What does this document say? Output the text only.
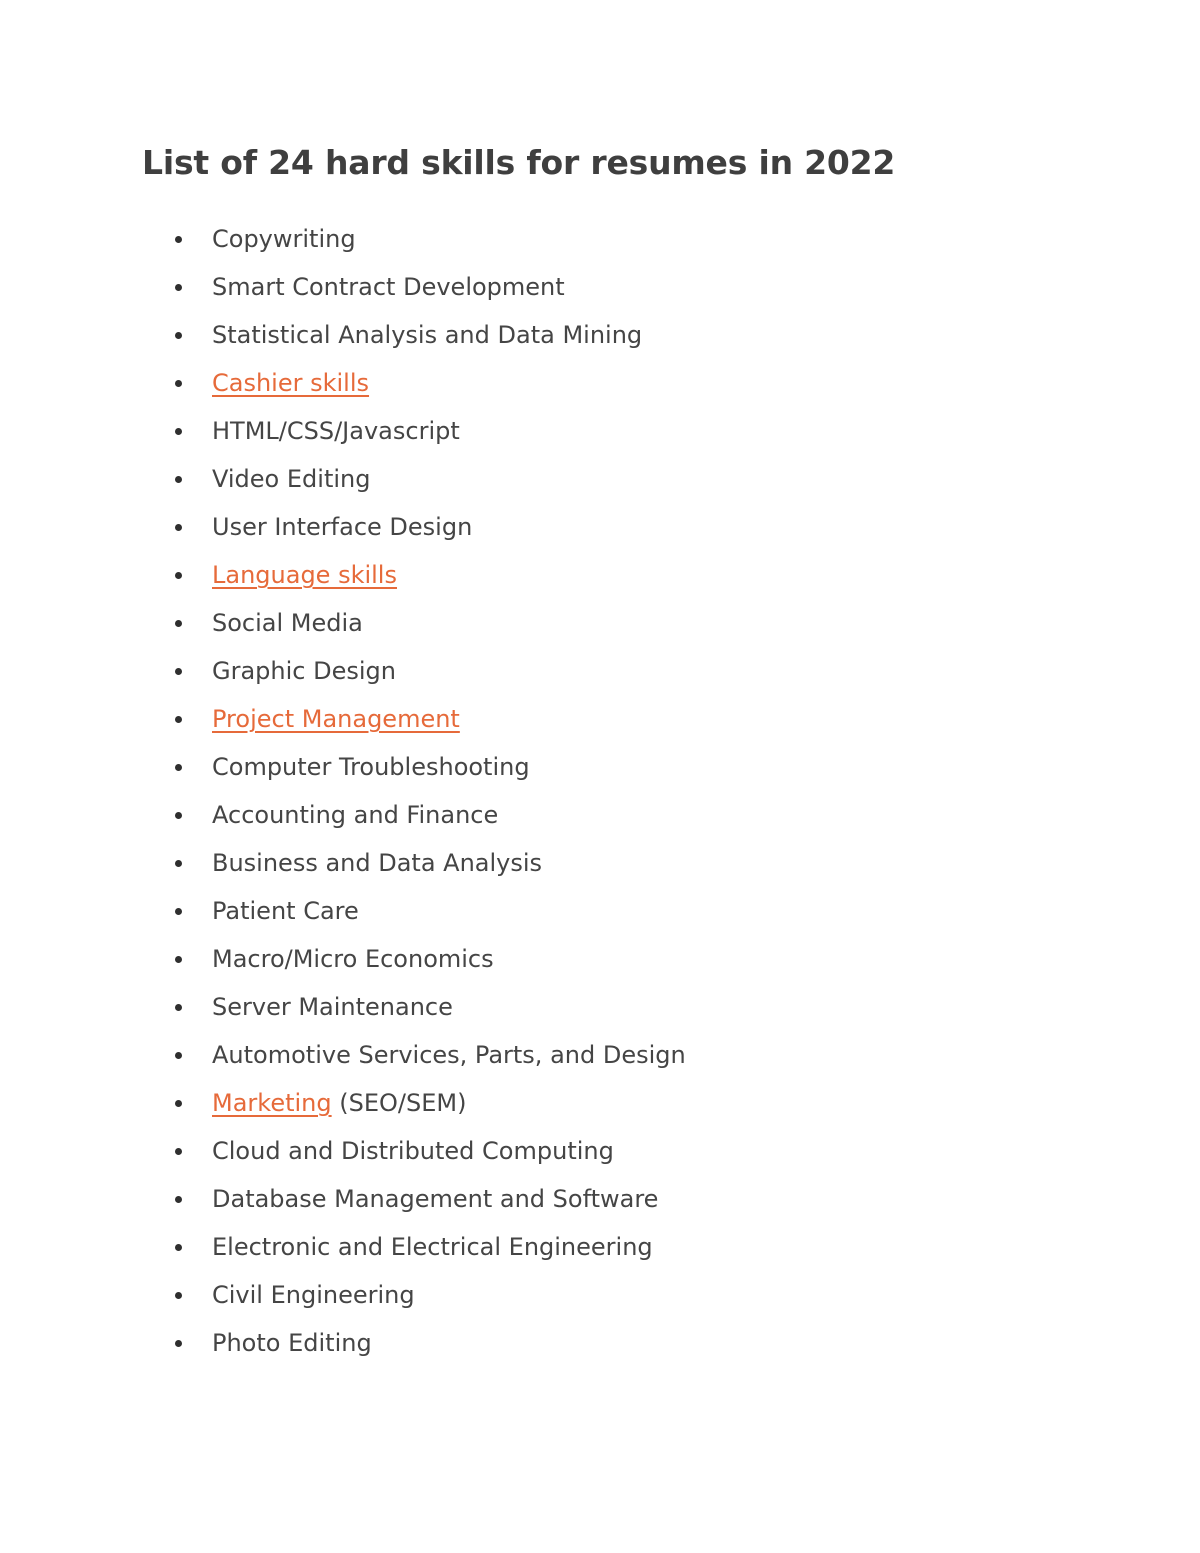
List of 24 hard skills for resumes in 2022
Copywriting
Smart Contract Development
Statistical Analysis and Data Mining
Cashier skills
HTML/CSS/Javascript
Video Editing
User Interface Design
Language skills
Social Media
Graphic Design
Project Management
Computer Troubleshooting
Accounting and Finance
Business and Data Analysis
Patient Care
Macro/Micro Economics
Server Maintenance
Automotive Services, Parts, and Design
Marketing (SEO/SEM)
Cloud and Distributed Computing
Database Management and Software
Electronic and Electrical Engineering
Civil Engineering
Photo Editing
